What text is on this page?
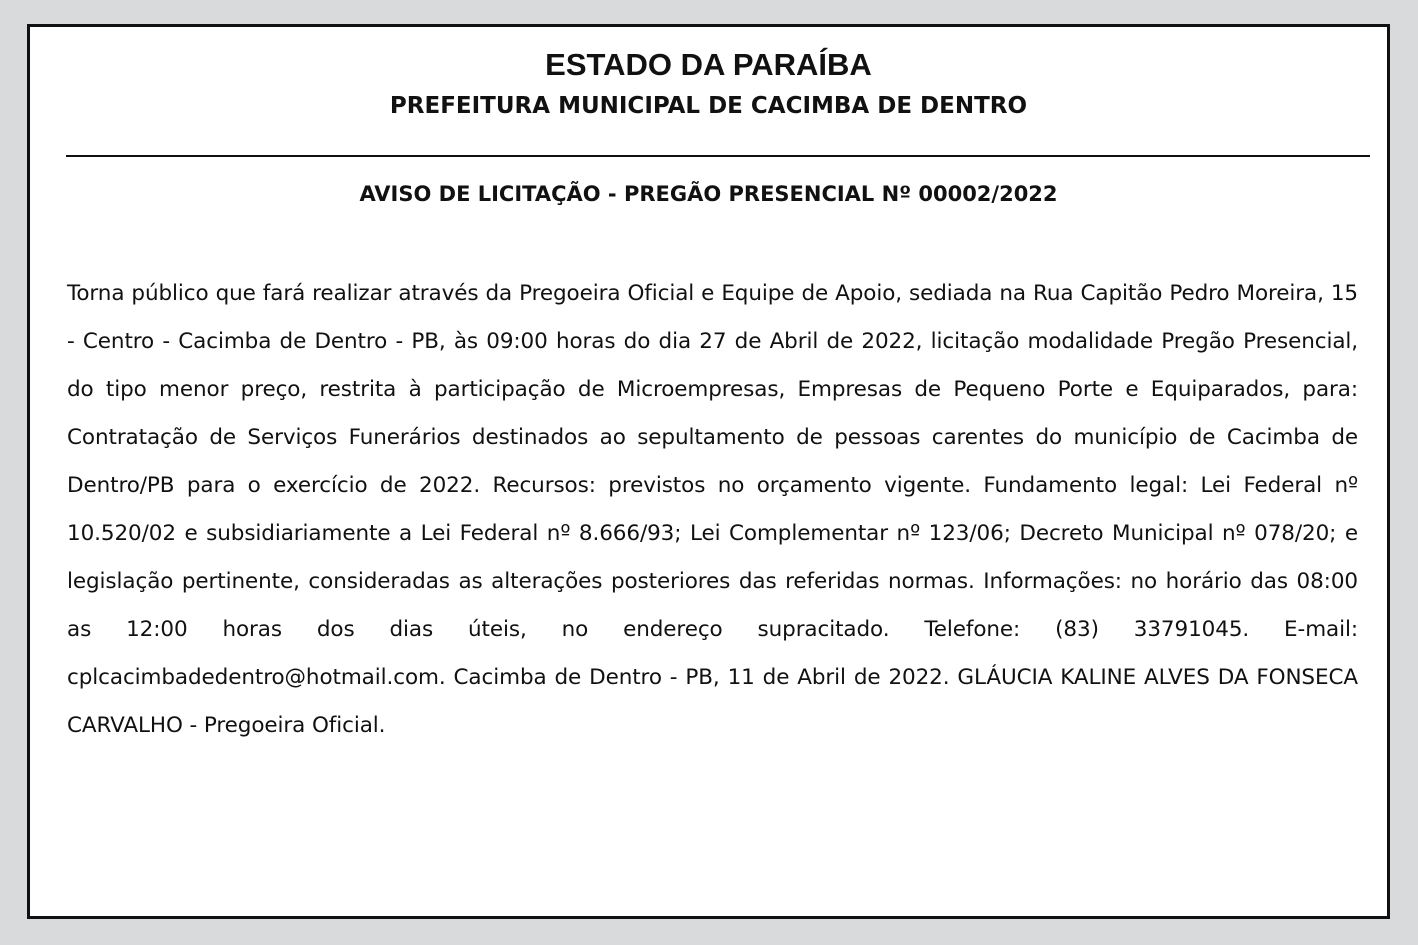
ESTADO DA PARAÍBA
PREFEITURA MUNICIPAL DE CACIMBA DE DENTRO
AVISO DE LICITAÇÃO - PREGÃO PRESENCIAL Nº 00002/2022

Torna público que fará realizar através da Pregoeira Oficial e Equipe de Apoio, sediada na Rua Capitão Pedro Moreira, 15 - Centro - Cacimba de Dentro - PB, às 09:00 horas do dia 27 de Abril de 2022, licitação modalidade Pregão Presencial, do tipo menor preço, restrita à participação de Microempresas, Empresas de Pequeno Porte e Equiparados, para: Contratação de Serviços Funerários destinados ao sepultamento de pessoas carentes do município de Cacimba de Dentro/PB para o exercício de 2022. Recursos: previstos no orçamento vigente. Fundamento legal: Lei Federal nº 10.520/02 e subsidiariamente a Lei Federal nº 8.666/93; Lei Complementar nº 123/06; Decreto Municipal nº 078/20; e legislação pertinente, consideradas as alterações posteriores das referidas normas. Informações: no horário das 08:00 as 12:00 horas dos dias úteis, no endereço supracitado. Telefone: (83) 33791045. E-mail: cplcacimbadedentro@hotmail.com. Cacimba de Dentro - PB, 11 de Abril de 2022. GLÁUCIA KALINE ALVES DA FONSECA CARVALHO - Pregoeira Oficial.
